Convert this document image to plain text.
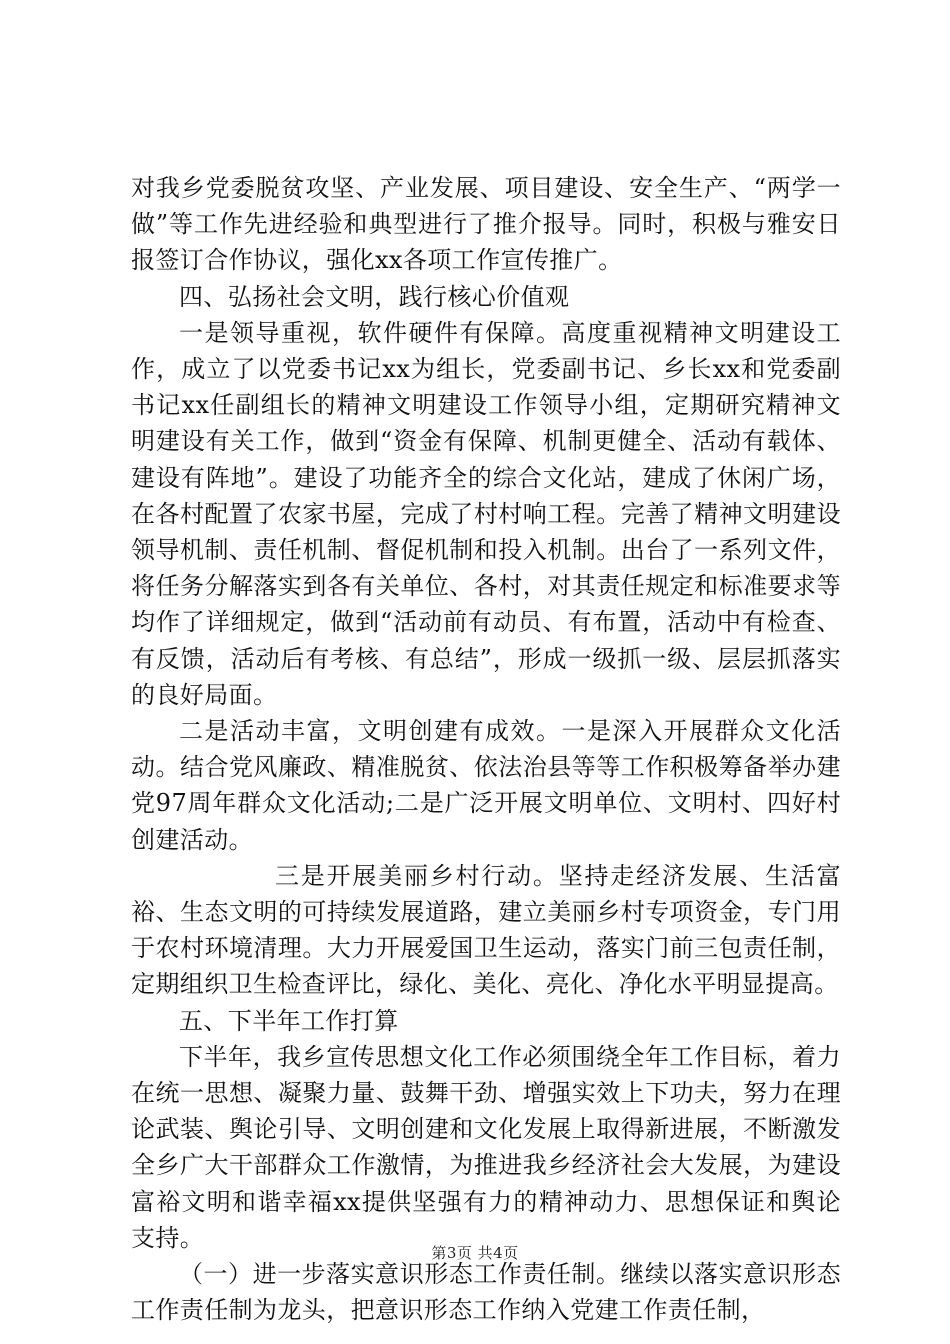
对我乡党委脱贫攻坚、产业发展、项目建设、安全生产、“两学一做”等工作先进经验和典型进行了推介报导。同时，积极与雅安日报签订合作协议，强化xx各项工作宣传推广。

四、弘扬社会文明，践行核心价值观

一是领导重视，软件硬件有保障。高度重视精神文明建设工作，成立了以党委书记xx为组长，党委副书记、乡长xx和党委副书记xx任副组长的精神文明建设工作领导小组，定期研究精神文明建设有关工作，做到“资金有保障、机制更健全、活动有载体、建设有阵地”。建设了功能齐全的综合文化站，建成了休闲广场，在各村配置了农家书屋，完成了村村响工程。完善了精神文明建设领导机制、责任机制、督促机制和投入机制。出台了一系列文件，将任务分解落实到各有关单位、各村，对其责任规定和标准要求等均作了详细规定，做到“活动前有动员、有布置，活动中有检查、有反馈，活动后有考核、有总结”，形成一级抓一级、层层抓落实的良好局面。

二是活动丰富，文明创建有成效。一是深入开展群众文化活动。结合党风廉政、精准脱贫、依法治县等等工作积极筹备举办建党97周年群众文化活动;二是广泛开展文明单位、文明村、四好村创建活动。

三是开展美丽乡村行动。坚持走经济发展、生活富裕、生态文明的可持续发展道路，建立美丽乡村专项资金，专门用于农村环境清理。大力开展爱国卫生运动，落实门前三包责任制，定期组织卫生检查评比，绿化、美化、亮化、净化水平明显提高。

五、下半年工作打算

下半年，我乡宣传思想文化工作必须围绕全年工作目标，着力在统一思想、凝聚力量、鼓舞干劲、增强实效上下功夫，努力在理论武装、舆论引导、文明创建和文化发展上取得新进展，不断激发全乡广大干部群众工作激情，为推进我乡经济社会大发展，为建设富裕文明和谐幸福xx提供坚强有力的精神动力、思想保证和舆论支持。

（一）进一步落实意识形态工作责任制。继续以落实意识形态工作责任制为龙头，把意识形态工作纳入党建工作责任制，

第3页 共4页
